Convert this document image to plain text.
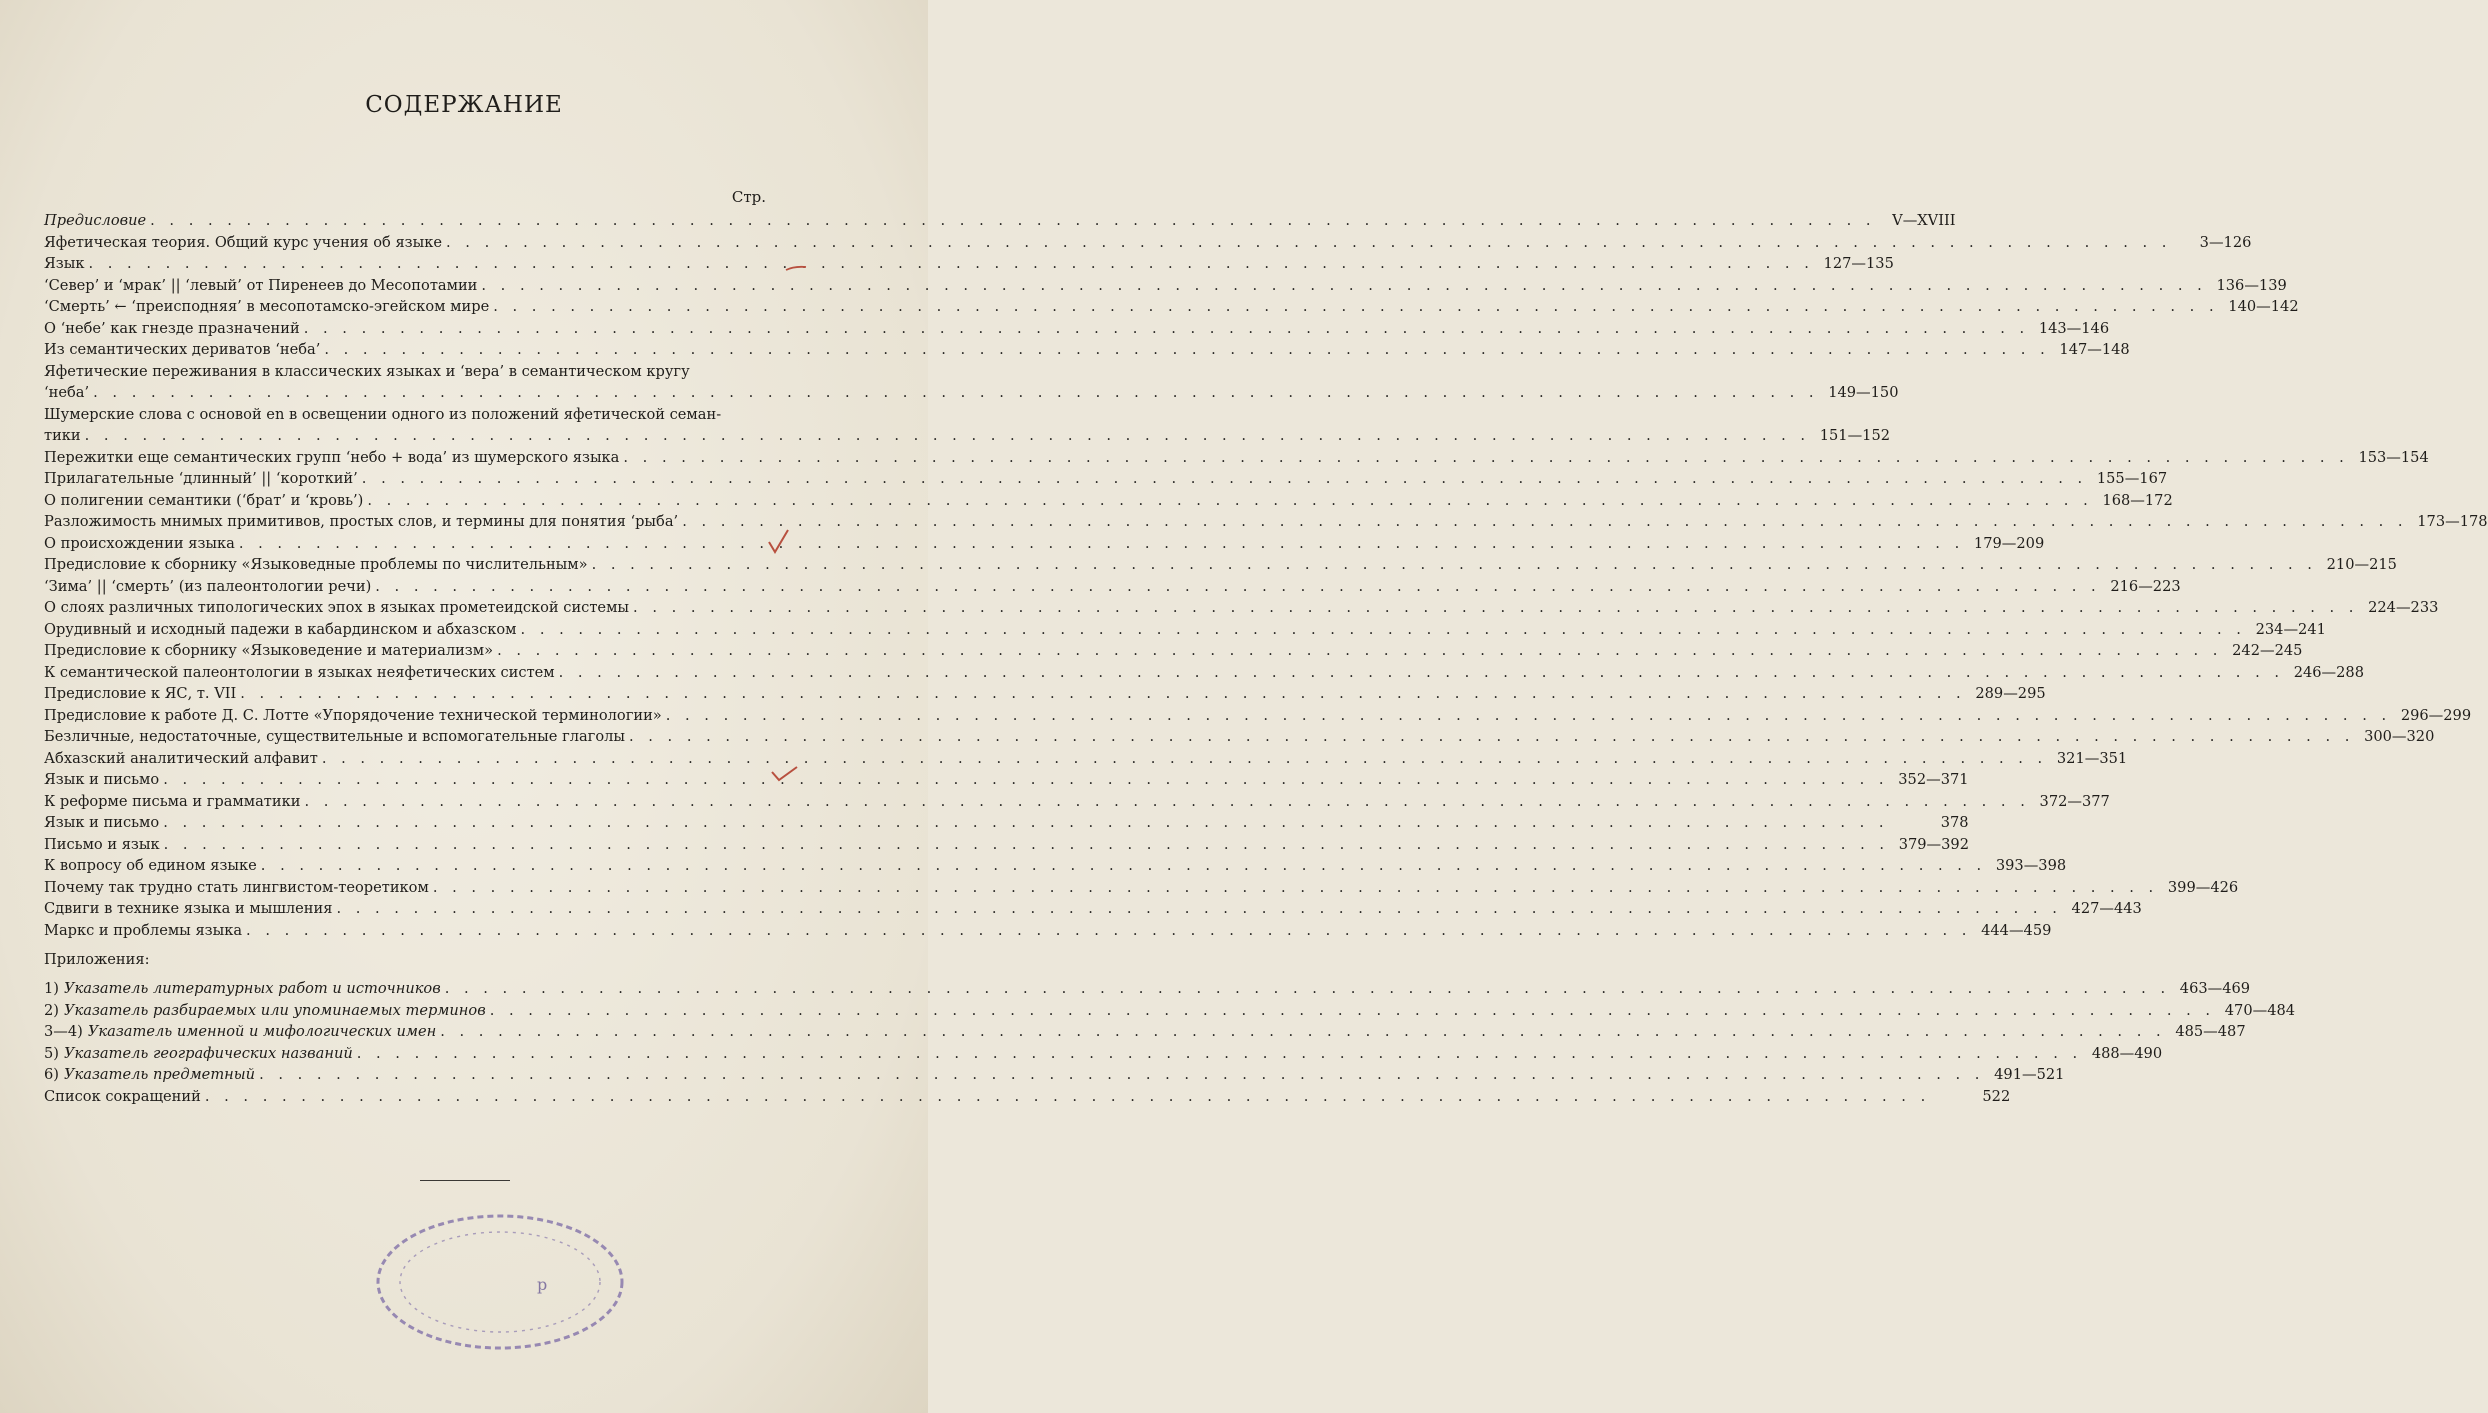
СОДЕРЖАНИЕ
Стр.
Предисловие . . . . . . . . . . . . . . . . . . . . . . . . . . . . . . . . . . . . . . . . . . . . . . . . . . . . . . . . . . . . . . . . . . . . . . . . . . . . . . . . . . . . . . . . . .	V—XVIII
Яфетическая теория. Общий курс учения об языке . . . . . . . . . . . . . . . . . . . . . . . . . . . . . . . . . . . . . . . . . . . . . . . . . . . . . . . . . . . . . . . . . . . . . . . . . . . . . . . . . . . . . . . . . .	3—126
Язык . . . . . . . . . . . . . . . . . . . . . . . . . . . . . . . . . . . . . . . . . . . . . . . . . . . . . . . . . . . . . . . . . . . . . . . . . . . . . . . . . . . . . . . . . . 127—135
‘Север’ и ‘мрак’ || ‘левый’ от Пиренеев до Месопотамии . . . . . . . . . . . . . . . . . . . . . . . . . . . . . . . . . . . . . . . . . . . . . . . . . . . . . . . . . . . . . . . . . . . . . . . . . . . . . . . . . . . . . . . . . . 136—139
‘Смерть’ ← ‘преисподняя’ в месопотамско-эгейском мире . . . . . . . . . . . . . . . . . . . . . . . . . . . . . . . . . . . . . . . . . . . . . . . . . . . . . . . . . . . . . . . . . . . . . . . . . . . . . . . . . . . . . . . . . . 140—142
О ‘небе’ как гнезде празначений . . . . . . . . . . . . . . . . . . . . . . . . . . . . . . . . . . . . . . . . . . . . . . . . . . . . . . . . . . . . . . . . . . . . . . . . . . . . . . . . . . . . . . . . . . 143—146
Из семантических дериватов ‘неба’ . . . . . . . . . . . . . . . . . . . . . . . . . . . . . . . . . . . . . . . . . . . . . . . . . . . . . . . . . . . . . . . . . . . . . . . . . . . . . . . . . . . . . . . . . . 147—148
Яфетические переживания в классических языках и ‘вера’ в семантическом кругу
‘неба’ . . . . . . . . . . . . . . . . . . . . . . . . . . . . . . . . . . . . . . . . . . . . . . . . . . . . . . . . . . . . . . . . . . . . . . . . . . . . . . . . . . . . . . . . . . 149—150
Шумерские слова с основой en в освещении одного из положений яфетической семан-
тики . . . . . . . . . . . . . . . . . . . . . . . . . . . . . . . . . . . . . . . . . . . . . . . . . . . . . . . . . . . . . . . . . . . . . . . . . . . . . . . . . . . . . . . . . . 151—152
Пережитки еще семантических групп ‘небо + вода’ из шумерского языка . . . . . . . . . . . . . . . . . . . . . . . . . . . . . . . . . . . . . . . . . . . . . . . . . . . . . . . . . . . . . . . . . . . . . . . . . . . . . . . . . . . . . . . . . . 153—154
Прилагательные ‘длинный’ || ‘короткий’ . . . . . . . . . . . . . . . . . . . . . . . . . . . . . . . . . . . . . . . . . . . . . . . . . . . . . . . . . . . . . . . . . . . . . . . . . . . . . . . . . . . . . . . . . . 155—167
О полигении семантики (‘брат’ и ‘кровь’) . . . . . . . . . . . . . . . . . . . . . . . . . . . . . . . . . . . . . . . . . . . . . . . . . . . . . . . . . . . . . . . . . . . . . . . . . . . . . . . . . . . . . . . . . . 168—172
Разложимость мнимых примитивов, простых слов, и термины для понятия ‘рыба’ . . . . . . . . . . . . . . . . . . . . . . . . . . . . . . . . . . . . . . . . . . . . . . . . . . . . . . . . . . . . . . . . . . . . . . . . . . . . . . . . . . . . . . . . . . 173—178
О происхождении языка . . . . . . . . . . . . . . . . . . . . . . . . . . . . . . . . . . . . . . . . . . . . . . . . . . . . . . . . . . . . . . . . . . . . . . . . . . . . . . . . . . . . . . . . . . 179—209
Предисловие к сборнику «Языковедные проблемы по числительным» . . . . . . . . . . . . . . . . . . . . . . . . . . . . . . . . . . . . . . . . . . . . . . . . . . . . . . . . . . . . . . . . . . . . . . . . . . . . . . . . . . . . . . . . . . 210—215
‘Зима’ || ‘смерть’ (из палеонтологии речи) . . . . . . . . . . . . . . . . . . . . . . . . . . . . . . . . . . . . . . . . . . . . . . . . . . . . . . . . . . . . . . . . . . . . . . . . . . . . . . . . . . . . . . . . . . 216—223
О слоях различных типологических эпох в языках прометеидской системы . . . . . . . . . . . . . . . . . . . . . . . . . . . . . . . . . . . . . . . . . . . . . . . . . . . . . . . . . . . . . . . . . . . . . . . . . . . . . . . . . . . . . . . . . . 224—233
Орудивный и исходный падежи в кабардинском и абхазском . . . . . . . . . . . . . . . . . . . . . . . . . . . . . . . . . . . . . . . . . . . . . . . . . . . . . . . . . . . . . . . . . . . . . . . . . . . . . . . . . . . . . . . . . . 234—241
Предисловие к сборнику «Языковедение и материализм» . . . . . . . . . . . . . . . . . . . . . . . . . . . . . . . . . . . . . . . . . . . . . . . . . . . . . . . . . . . . . . . . . . . . . . . . . . . . . . . . . . . . . . . . . . 242—245
К семантической палеонтологии в языках неяфетических систем . . . . . . . . . . . . . . . . . . . . . . . . . . . . . . . . . . . . . . . . . . . . . . . . . . . . . . . . . . . . . . . . . . . . . . . . . . . . . . . . . . . . . . . . . . 246—288
Предисловие к ЯС, т. VII . . . . . . . . . . . . . . . . . . . . . . . . . . . . . . . . . . . . . . . . . . . . . . . . . . . . . . . . . . . . . . . . . . . . . . . . . . . . . . . . . . . . . . . . . . 289—295
Предисловие к работе Д. С. Лотте «Упорядочение технической терминологии» . . . . . . . . . . . . . . . . . . . . . . . . . . . . . . . . . . . . . . . . . . . . . . . . . . . . . . . . . . . . . . . . . . . . . . . . . . . . . . . . . . . . . . . . . . 296—299
Безличные, недостаточные, существительные и вспомогательные глаголы . . . . . . . . . . . . . . . . . . . . . . . . . . . . . . . . . . . . . . . . . . . . . . . . . . . . . . . . . . . . . . . . . . . . . . . . . . . . . . . . . . . . . . . . . . 300—320
Абхазский аналитический алфавит . . . . . . . . . . . . . . . . . . . . . . . . . . . . . . . . . . . . . . . . . . . . . . . . . . . . . . . . . . . . . . . . . . . . . . . . . . . . . . . . . . . . . . . . . . 321—351
Язык и письмо . . . . . . . . . . . . . . . . . . . . . . . . . . . . . . . . . . . . . . . . . . . . . . . . . . . . . . . . . . . . . . . . . . . . . . . . . . . . . . . . . . . . . . . . . . 352—371
К реформе письма и грамматики . . . . . . . . . . . . . . . . . . . . . . . . . . . . . . . . . . . . . . . . . . . . . . . . . . . . . . . . . . . . . . . . . . . . . . . . . . . . . . . . . . . . . . . . . . 372—377
Язык и письмо . . . . . . . . . . . . . . . . . . . . . . . . . . . . . . . . . . . . . . . . . . . . . . . . . . . . . . . . . . . . . . . . . . . . . . . . . . . . . . . . . . . . . . . . . .	378
Письмо и язык . . . . . . . . . . . . . . . . . . . . . . . . . . . . . . . . . . . . . . . . . . . . . . . . . . . . . . . . . . . . . . . . . . . . . . . . . . . . . . . . . . . . . . . . . . 379—392
К вопросу об едином языке . . . . . . . . . . . . . . . . . . . . . . . . . . . . . . . . . . . . . . . . . . . . . . . . . . . . . . . . . . . . . . . . . . . . . . . . . . . . . . . . . . . . . . . . . . 393—398
Почему так трудно стать лингвистом-теоретиком . . . . . . . . . . . . . . . . . . . . . . . . . . . . . . . . . . . . . . . . . . . . . . . . . . . . . . . . . . . . . . . . . . . . . . . . . . . . . . . . . . . . . . . . . . 399—426
Сдвиги в технике языка и мышления . . . . . . . . . . . . . . . . . . . . . . . . . . . . . . . . . . . . . . . . . . . . . . . . . . . . . . . . . . . . . . . . . . . . . . . . . . . . . . . . . . . . . . . . . . 427—443
Маркс и проблемы языка . . . . . . . . . . . . . . . . . . . . . . . . . . . . . . . . . . . . . . . . . . . . . . . . . . . . . . . . . . . . . . . . . . . . . . . . . . . . . . . . . . . . . . . . . . 444—459
Приложения:
1) Указатель литературных работ и источников . . . . . . . . . . . . . . . . . . . . . . . . . . . . . . . . . . . . . . . . . . . . . . . . . . . . . . . . . . . . . . . . . . . . . . . . . . . . . . . . . . . . . . . . . . 463—469
2) Указатель разбираемых или упоминаемых терминов . . . . . . . . . . . . . . . . . . . . . . . . . . . . . . . . . . . . . . . . . . . . . . . . . . . . . . . . . . . . . . . . . . . . . . . . . . . . . . . . . . . . . . . . . . 470—484
3—4) Указатель именной и мифологических имен . . . . . . . . . . . . . . . . . . . . . . . . . . . . . . . . . . . . . . . . . . . . . . . . . . . . . . . . . . . . . . . . . . . . . . . . . . . . . . . . . . . . . . . . . . 485—487
5) Указатель географических названий . . . . . . . . . . . . . . . . . . . . . . . . . . . . . . . . . . . . . . . . . . . . . . . . . . . . . . . . . . . . . . . . . . . . . . . . . . . . . . . . . . . . . . . . . . 488—490
6) Указатель предметный . . . . . . . . . . . . . . . . . . . . . . . . . . . . . . . . . . . . . . . . . . . . . . . . . . . . . . . . . . . . . . . . . . . . . . . . . . . . . . . . . . . . . . . . . . 491—521
Список сокращений . . . . . . . . . . . . . . . . . . . . . . . . . . . . . . . . . . . . . . . . . . . . . . . . . . . . . . . . . . . . . . . . . . . . . . . . . . . . . . . . . . . . . . . . . .	522
р
